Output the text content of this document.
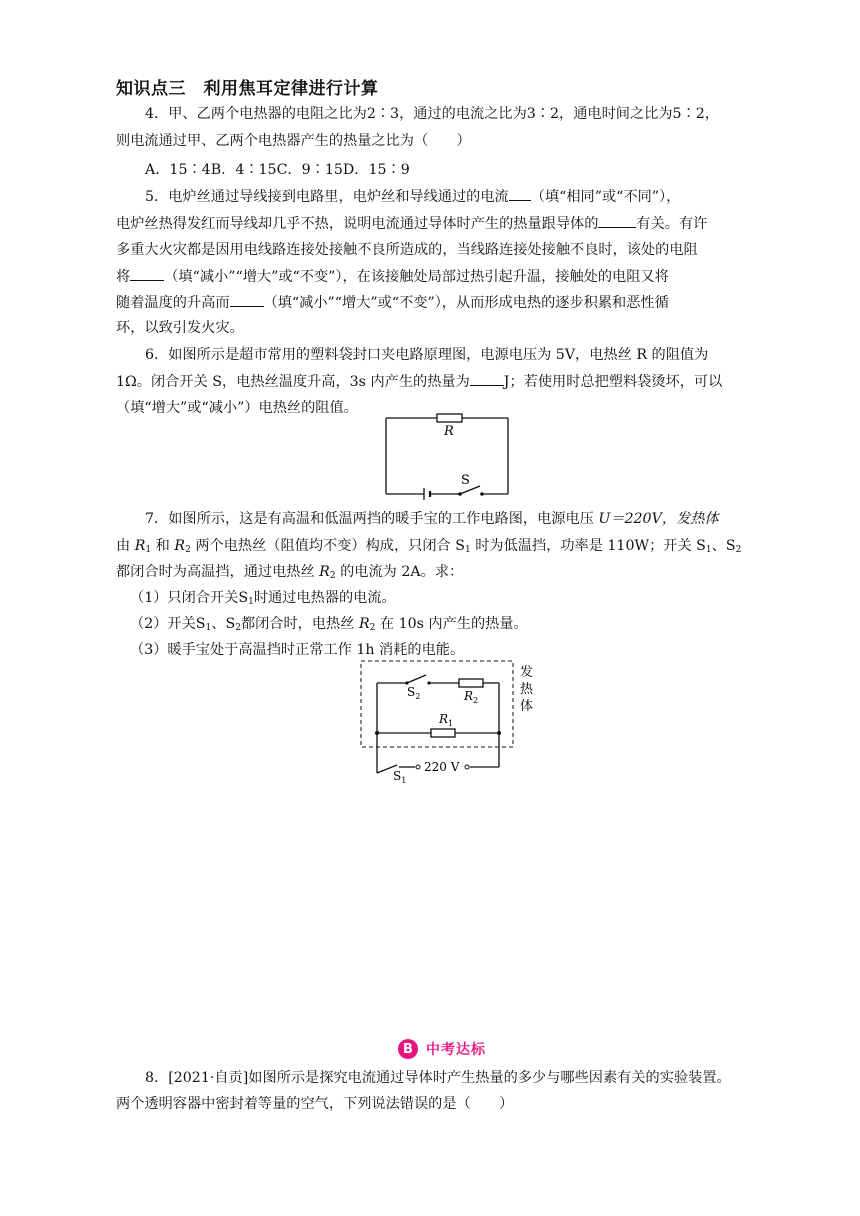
知识点三　利用焦耳定律进行计算
4．甲、乙两个电热器的电阻之比为2∶3，通过的电流之比为3∶2，通电时间之比为5∶2，
则电流通过甲、乙两个电热器产生的热量之比为（　　）
A．15∶4B．4∶15C．9∶15D．15∶9
5．电炉丝通过导线接到电路里，电炉丝和导线通过的电流 （填“相同”或“不同”），
电炉丝热得发红而导线却几乎不热，说明电流通过导体时产生的热量跟导体的	有关。有许
多重大火灾都是因用电线路连接处接触不良所造成的，当线路连接处接触不良时，该处的电阻
将 （填“减小”“增大”或“不变”），在该接触处局部过热引起升温，接触处的电阻又将
随着温度的升高而 （填“减小”“增大”或“不变”），从而形成电热的逐步积累和恶性循
环，以致引发火灾。
6．如图所示是超市常用的塑料袋封口夹电路原理图，电源电压为 5V，电热丝 R 的阻值为
1Ω。闭合开关 S，电热丝温度升高，3s 内产生的热量为 J；若使用时总把塑料袋烫坏，可以
（填“增大”或“减小”）电热丝的阻值。
R
S
7．如图所示，这是有高温和低温两挡的暖手宝的工作电路图，电源电压 U＝220V，发热体
由 $R_1$ 和 $R_2$ 两个电热丝（阻值均不变）构成，只闭合 $S_1$ 时为低温挡，功率是 110W；开关 $S_1$、$S_2$
都闭合时为高温挡，通过电热丝 $R_2$ 的电流为 2A。求：
（1）只闭合开关$S_1$时通过电热器的电流。
（2）开关$S_1$、$S_2$都闭合时，电热丝 $R_2$ 在 10s 内产生的热量。
（3）暖手宝处于高温挡时正常工作 1h 消耗的电能。
$S_2$	$R_2$
$R_1$
$S_1$
220 V
发
热
体
B 中考达标
8．[2021·自贡]如图所示是探究电流通过导体时产生热量的多少与哪些因素有关的实验装置。
两个透明容器中密封着等量的空气，下列说法错误的是（　　）
